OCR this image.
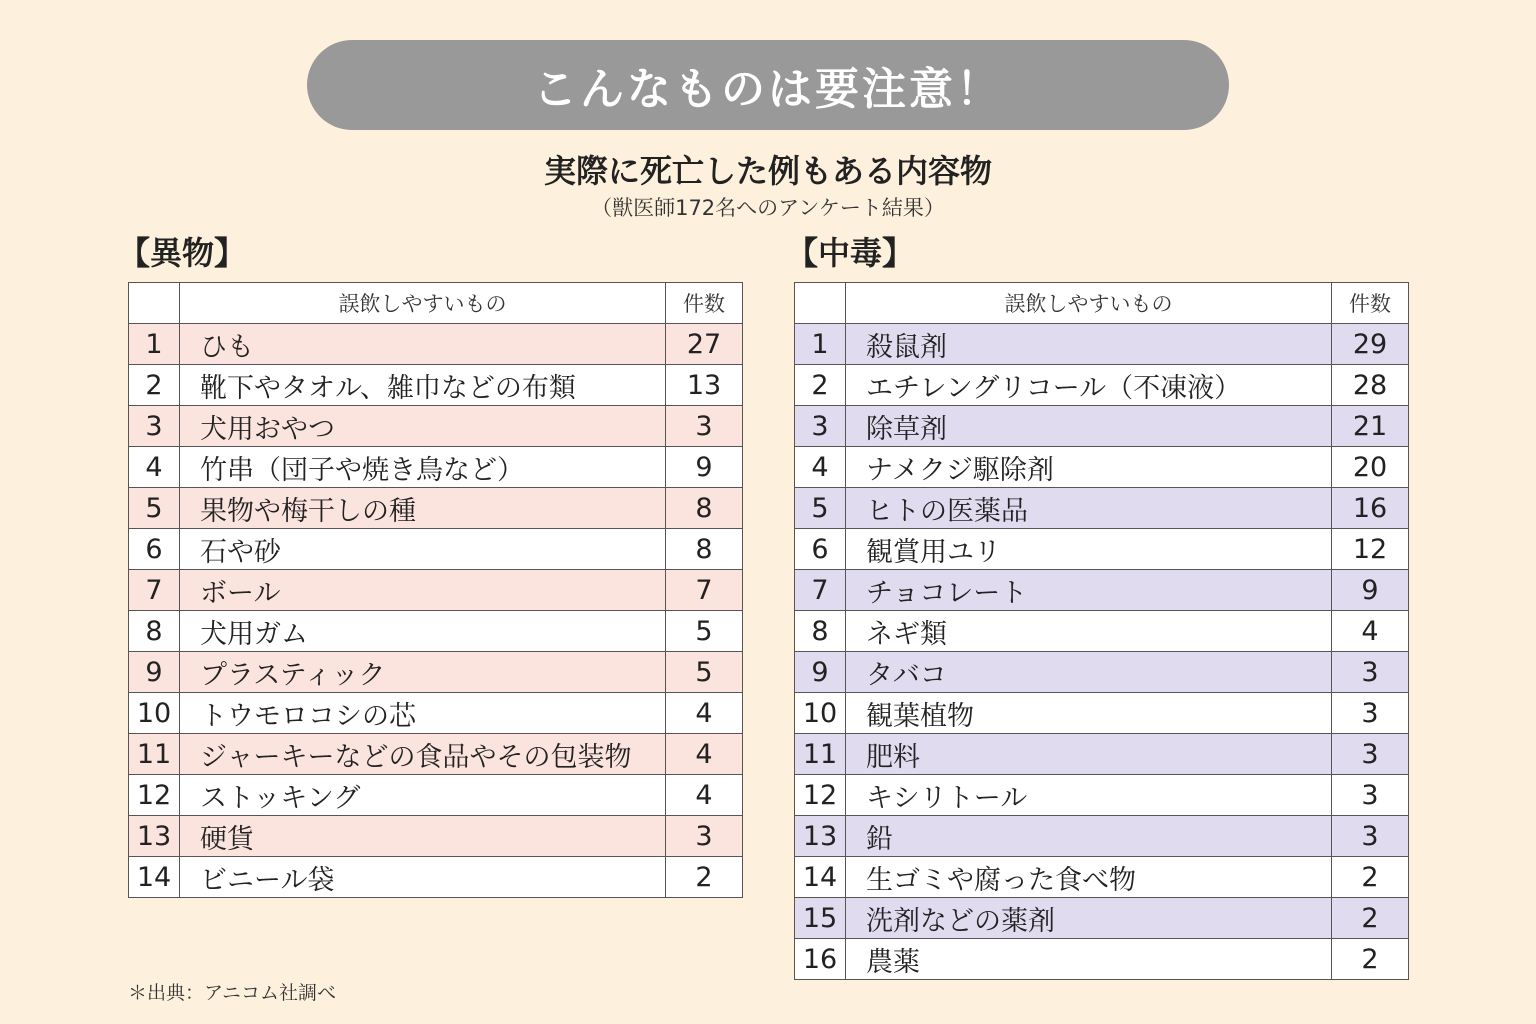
こんなものは要注意！
実際に死亡した例もある内容物
（獣医師172名へのアンケート結果）
【異物】	【中毒】
	誤飲しやすいもの	件数
1	ひも	27
2	靴下やタオル、雑巾などの布類	13
3	犬用おやつ	3
4	竹串（団子や焼き鳥など）	9
5	果物や梅干しの種	8
6	石や砂	8
7	ボール	7
8	犬用ガム	5
9	プラスティック	5
10	トウモロコシの芯	4
11	ジャーキーなどの食品やその包装物	4
12	ストッキング	4
13	硬貨	3
14	ビニール袋	2
	誤飲しやすいもの	件数
1	殺鼠剤	29
2	エチレングリコール（不凍液）	28
3	除草剤	21
4	ナメクジ駆除剤	20
5	ヒトの医薬品	16
6	観賞用ユリ	12
7	チョコレート	9
8	ネギ類	4
9	タバコ	3
10	観葉植物	3
11	肥料	3
12	キシリトール	3
13	鉛	3
14	生ゴミや腐った食べ物	2
15	洗剤などの薬剤	2
16	農薬	2
＊出典：アニコム社調べ
